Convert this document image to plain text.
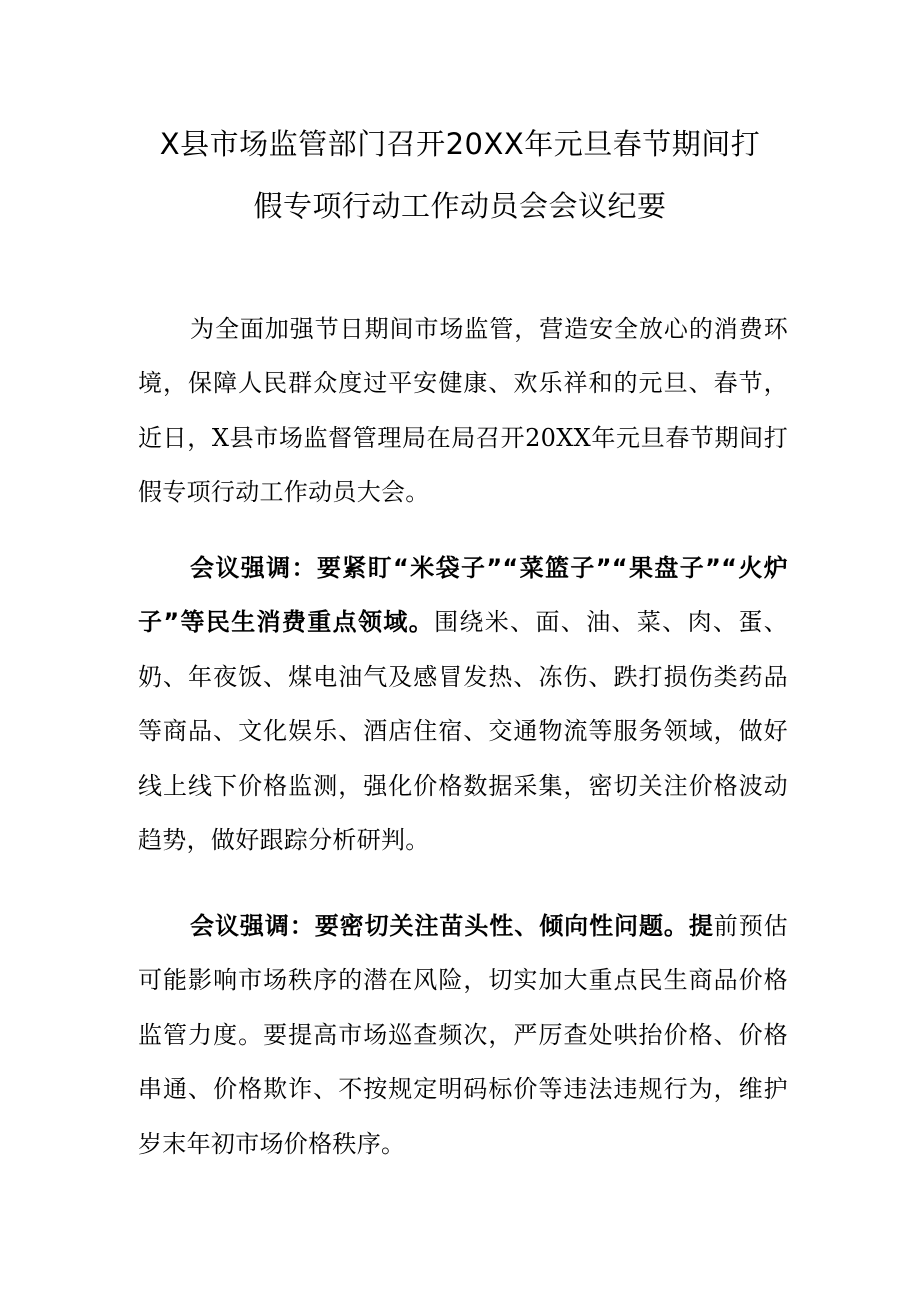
X县市场监管部门召开20XX年元旦春节期间打
假专项行动工作动员会会议纪要

为全面加强节日期间市场监管，营造安全放心的消费环境，保障人民群众度过平安健康、欢乐祥和的元旦、春节，近日，X县市场监督管理局在局召开20XX年元旦春节期间打假专项行动工作动员大会。

会议强调：要紧盯“米袋子”“菜篮子”“果盘子”“火炉子”等民生消费重点领域。围绕米、面、油、菜、肉、蛋、奶、年夜饭、煤电油气及感冒发热、冻伤、跌打损伤类药品等商品、文化娱乐、酒店住宿、交通物流等服务领域，做好线上线下价格监测，强化价格数据采集，密切关注价格波动趋势，做好跟踪分析研判。

会议强调：要密切关注苗头性、倾向性问题。提前预估可能影响市场秩序的潜在风险，切实加大重点民生商品价格监管力度。要提高市场巡查频次，严厉查处哄抬价格、价格串通、价格欺诈、不按规定明码标价等违法违规行为，维护岁末年初市场价格秩序。
